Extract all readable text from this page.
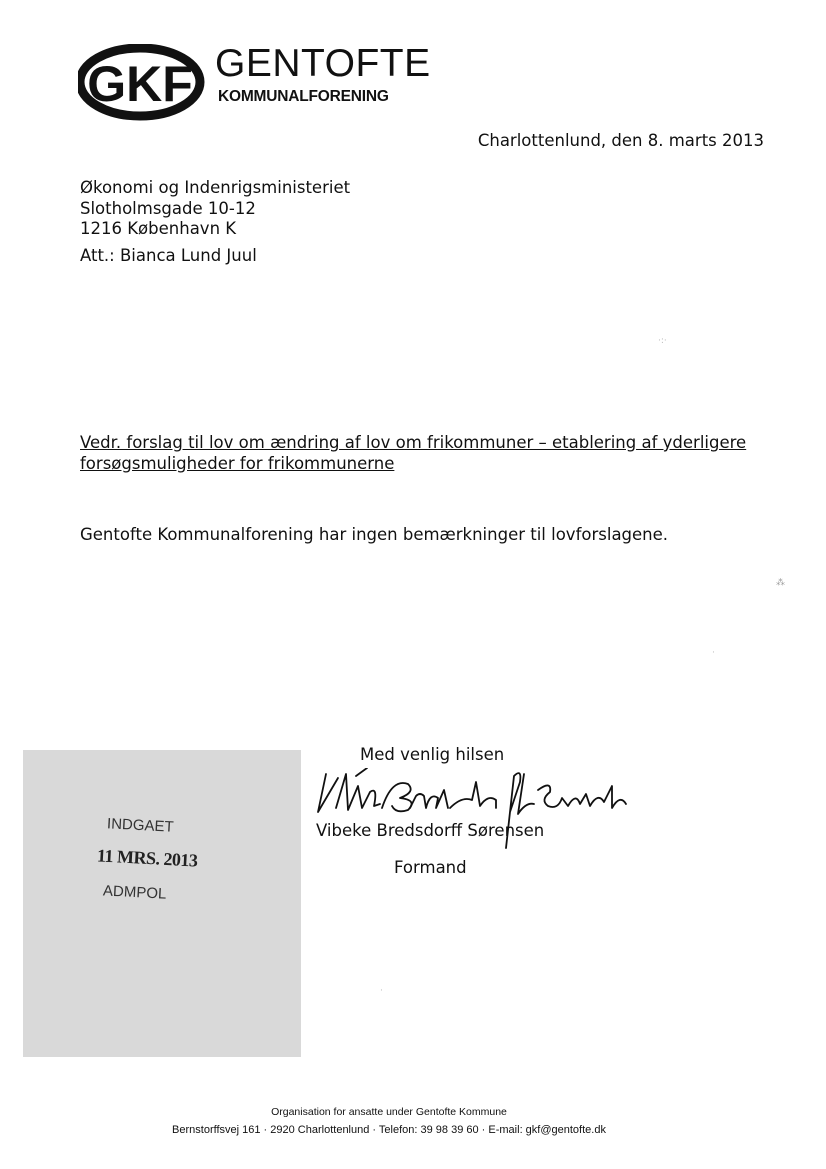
GKF GENTOFTE
KOMMUNALFORENING
Charlottenlund, den 8. marts 2013
Økonomi og Indenrigsministeriet
Slotholmsgade 10-12
1216 København K
Att.: Bianca Lund Juul
Vedr. forslag til lov om ændring af lov om frikommuner – etablering af yderligere
forsøgsmuligheder for frikommunerne
Gentofte Kommunalforening har ingen bemærkninger til lovforslagene.
INDGAET
11 MRS. 2013
ADMPOL
Med venlig hilsen
Vibeke Bredsdorff Sørensen
Formand
·:·
⁂
·
·
Organisation for ansatte under Gentofte Kommune
Bernstorffsvej 161 · 2920 Charlottenlund · Telefon: 39 98 39 60 · E-mail: gkf@gentofte.dk
